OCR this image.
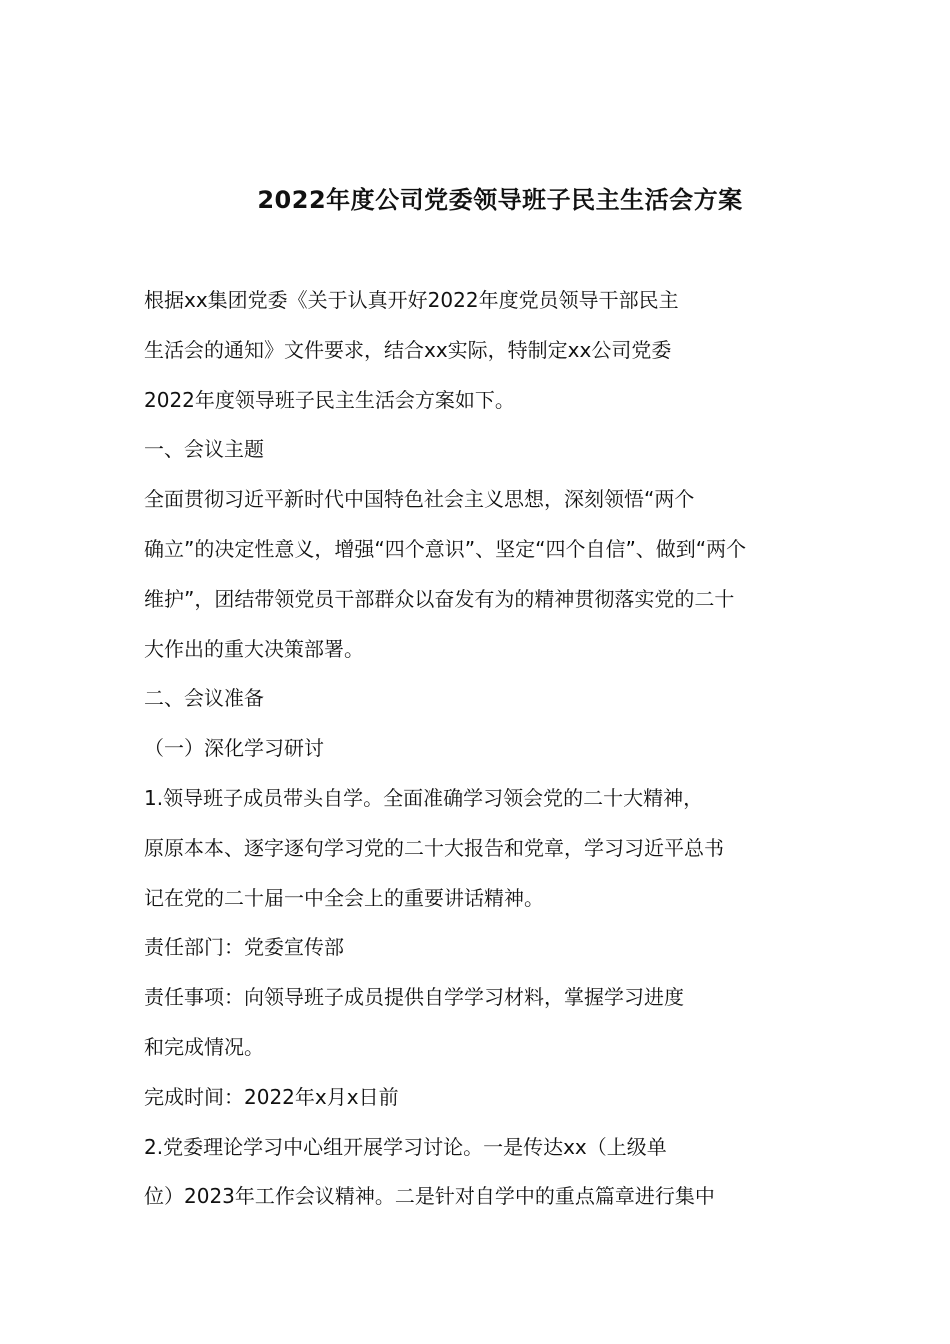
2022年度公司党委领导班子民主生活会方案

根据xx集团党委《关于认真开好2022年度党员领导干部民主
生活会的通知》文件要求，结合xx实际，特制定xx公司党委
2022年度领导班子民主生活会方案如下。

一、会议主题

全面贯彻习近平新时代中国特色社会主义思想，深刻领悟“两个
确立”的决定性意义，增强“四个意识”、坚定“四个自信”、做到“两个
维护”，团结带领党员干部群众以奋发有为的精神贯彻落实党的二十
大作出的重大决策部署。

二、会议准备

（一）深化学习研讨

1.领导班子成员带头自学。全面准确学习领会党的二十大精神，
原原本本、逐字逐句学习党的二十大报告和党章，学习习近平总书
记在党的二十届一中全会上的重要讲话精神。

责任部门：党委宣传部

责任事项：向领导班子成员提供自学学习材料，掌握学习进度
和完成情况。

完成时间：2022年x月x日前

2.党委理论学习中心组开展学习讨论。一是传达xx（上级单
位）2023年工作会议精神。二是针对自学中的重点篇章进行集中
